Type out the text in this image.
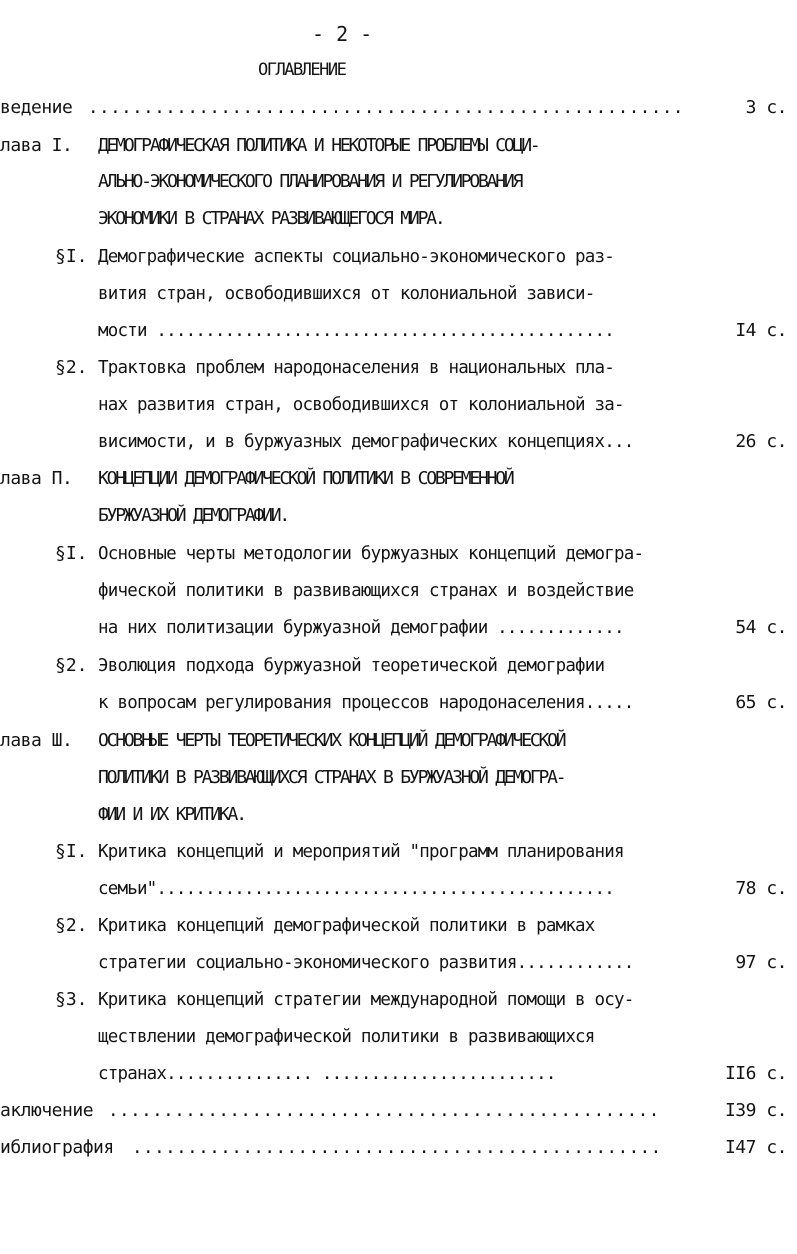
- 2 -
ОГЛАВЛЕНИЕ
ведение ......................................................	3 с.
лава I. ДЕМОГРАФИЧЕСКАЯ ПОЛИТИКА И НЕКОТОРЫЕ ПРОБЛЕМЫ СОЦИ-
АЛЬНО-ЭКОНОМИЧЕСКОГО ПЛАНИРОВАНИЯ И РЕГУЛИРОВАНИЯ
ЭКОНОМИКИ В СТРАНАХ РАЗВИВАЮЩЕГОСЯ МИРА.
§I. Демографические аспекты социально-экономического раз-
вития стран, освободившихся от колониальной зависи-
мости ...............................................	I4 с.
§2. Трактовка проблем народонаселения в национальных пла-
нах развития стран, освободившихся от колониальной за-
висимости, и в буржуазных демографических концепциях...	26 с.
лава П. КОНЦЕПЦИИ ДЕМОГРАФИЧЕСКОЙ ПОЛИТИКИ В СОВРЕМЕННОЙ
БУРЖУАЗНОЙ ДЕМОГРАФИИ.
§I. Основные черты методологии буржуазных концепций демогра-
фической политики в развивающихся странах и воздействие
на них политизации буржуазной демографии .............	54 с.
§2. Эволюция подхода буржуазной теоретической демографии
к вопросам регулирования процессов народонаселения.....	65 с.
лава Ш. ОСНОВНЫЕ ЧЕРТЫ ТЕОРЕТИЧЕСКИХ КОНЦЕПЦИЙ ДЕМОГРАФИЧЕСКОЙ
ПОЛИТИКИ В РАЗВИВАЮЩИХСЯ СТРАНАХ В БУРЖУАЗНОЙ ДЕМОГРА-
ФИИ И ИХ КРИТИКА.
§I. Критика концепций и мероприятий "программ планирования
семьи"...............................................	78 с.
§2. Критика концепций демографической политики в рамках
стратегии социально-экономического развития............	97 с.
§3. Критика концепций стратегии международной помощи в осу-
ществлении демографической политики в развивающихся
странах............... ........................	II6 с.
аключение ..................................................	I39 с.
иблиография ................................................	I47 с.
